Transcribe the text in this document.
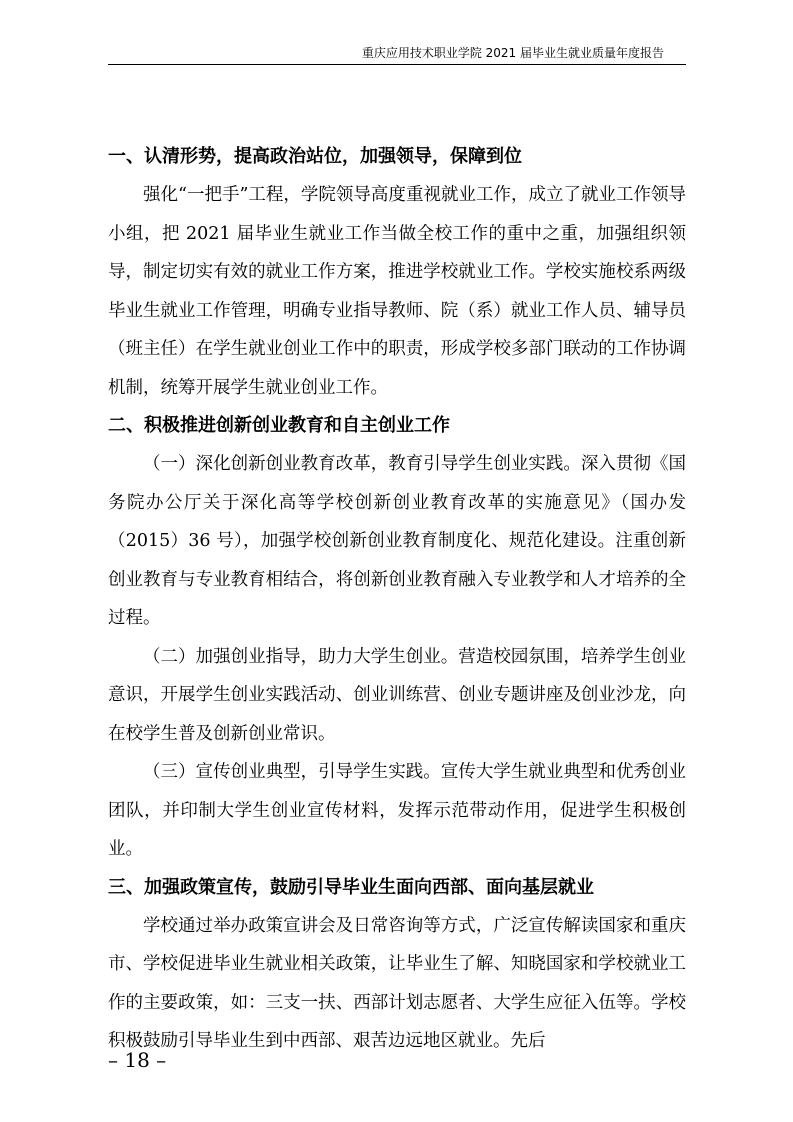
重庆应用技术职业学院 2021 届毕业生就业质量年度报告
一、认清形势，提高政治站位，加强领导，保障到位

强化“一把手”工程，学院领导高度重视就业工作，成立了就业工作领导小组，把 2021 届毕业生就业工作当做全校工作的重中之重，加强组织领导，制定切实有效的就业工作方案，推进学校就业工作。学校实施校系两级毕业生就业工作管理，明确专业指导教师、院（系）就业工作人员、辅导员（班主任）在学生就业创业工作中的职责，形成学校多部门联动的工作协调机制，统筹开展学生就业创业工作。

二、积极推进创新创业教育和自主创业工作

（一）深化创新创业教育改革，教育引导学生创业实践。深入贯彻《国务院办公厅关于深化高等学校创新创业教育改革的实施意见》（国办发（2015）36 号），加强学校创新创业教育制度化、规范化建设。注重创新创业教育与专业教育相结合，将创新创业教育融入专业教学和人才培养的全过程。

（二）加强创业指导，助力大学生创业。营造校园氛围，培养学生创业意识，开展学生创业实践活动、创业训练营、创业专题讲座及创业沙龙，向在校学生普及创新创业常识。

（三）宣传创业典型，引导学生实践。宣传大学生就业典型和优秀创业团队，并印制大学生创业宣传材料，发挥示范带动作用，促进学生积极创业。

三、加强政策宣传，鼓励引导毕业生面向西部、面向基层就业

学校通过举办政策宣讲会及日常咨询等方式，广泛宣传解读国家和重庆市、学校促进毕业生就业相关政策，让毕业生了解、知晓国家和学校就业工作的主要政策，如：三支一扶、西部计划志愿者、大学生应征入伍等。学校积极鼓励引导毕业生到中西部、艰苦边远地区就业。先后

– 18 –
